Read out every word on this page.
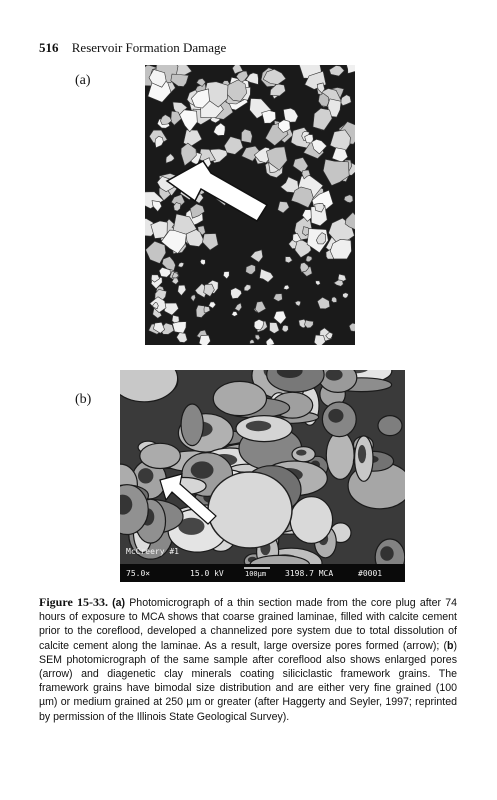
516 Reservoir Formation Damage
(a)
(b)
McCreery #1
75.0×	15.0 kV	100µm 3198.7 MCA	#0001
Figure 15-33. (a) Photomicrograph of a thin section made from the core plug after 74 hours of exposure to MCA shows that coarse grained laminae, filled with calcite cement prior to the coreflood, developed a channelized pore system due to total dissolution of calcite cement along the laminae. As a result, large oversize pores formed (arrow); (b) SEM photomicrograph of the same sample after coreflood also shows enlarged pores (arrow) and diagenetic clay minerals coating siliciclastic framework grains. The framework grains have bimodal size distribution and are either very fine grained (100 µm) or medium grained at 250 µm or greater (after Haggerty and Seyler, 1997; reprinted by permission of the Illinois State Geological Survey).
